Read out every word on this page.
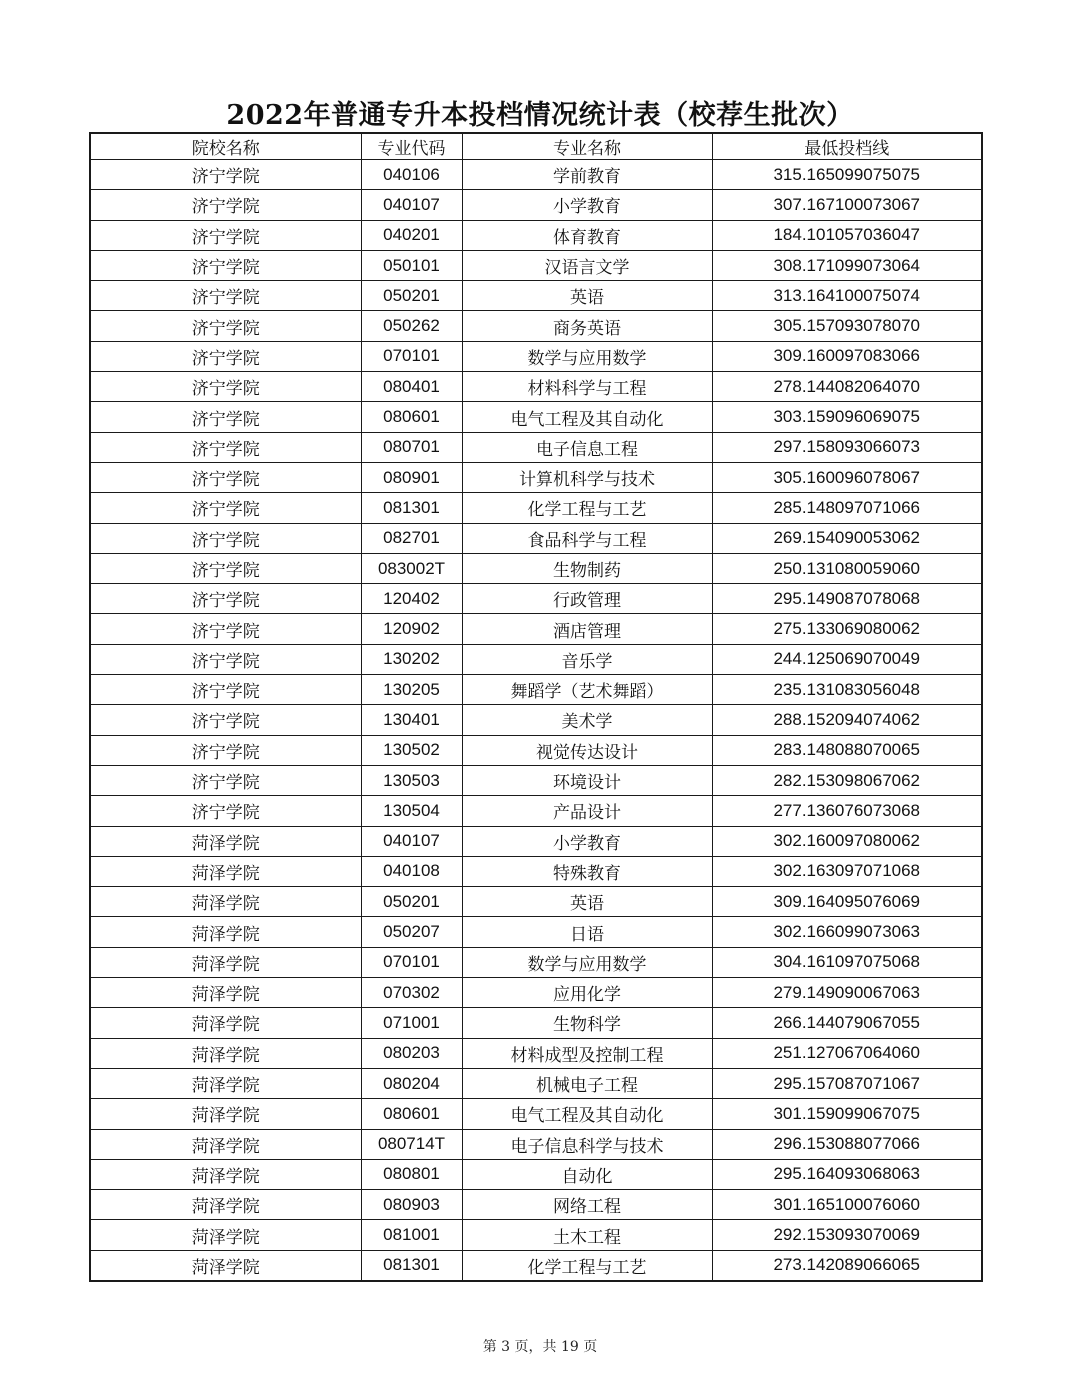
2022年普通专升本投档情况统计表（校荐生批次）
院校名称	专业代码	专业名称	最低投档线
济宁学院	040106	学前教育	315.165099075075
济宁学院	040107	小学教育	307.167100073067
济宁学院	040201	体育教育	184.101057036047
济宁学院	050101	汉语言文学	308.171099073064
济宁学院	050201	英语	313.164100075074
济宁学院	050262	商务英语	305.157093078070
济宁学院	070101	数学与应用数学	309.160097083066
济宁学院	080401	材料科学与工程	278.144082064070
济宁学院	080601	电气工程及其自动化	303.159096069075
济宁学院	080701	电子信息工程	297.158093066073
济宁学院	080901	计算机科学与技术	305.160096078067
济宁学院	081301	化学工程与工艺	285.148097071066
济宁学院	082701	食品科学与工程	269.154090053062
济宁学院	083002T	生物制药	250.131080059060
济宁学院	120402	行政管理	295.149087078068
济宁学院	120902	酒店管理	275.133069080062
济宁学院	130202	音乐学	244.125069070049
济宁学院	130205	舞蹈学（艺术舞蹈）	235.131083056048
济宁学院	130401	美术学	288.152094074062
济宁学院	130502	视觉传达设计	283.148088070065
济宁学院	130503	环境设计	282.153098067062
济宁学院	130504	产品设计	277.136076073068
菏泽学院	040107	小学教育	302.160097080062
菏泽学院	040108	特殊教育	302.163097071068
菏泽学院	050201	英语	309.164095076069
菏泽学院	050207	日语	302.166099073063
菏泽学院	070101	数学与应用数学	304.161097075068
菏泽学院	070302	应用化学	279.149090067063
菏泽学院	071001	生物科学	266.144079067055
菏泽学院	080203	材料成型及控制工程	251.127067064060
菏泽学院	080204	机械电子工程	295.157087071067
菏泽学院	080601	电气工程及其自动化	301.159099067075
菏泽学院	080714T	电子信息科学与技术	296.153088077066
菏泽学院	080801	自动化	295.164093068063
菏泽学院	080903	网络工程	301.165100076060
菏泽学院	081001	土木工程	292.153093070069
菏泽学院	081301	化学工程与工艺	273.142089066065
第 3 页，共 19 页
